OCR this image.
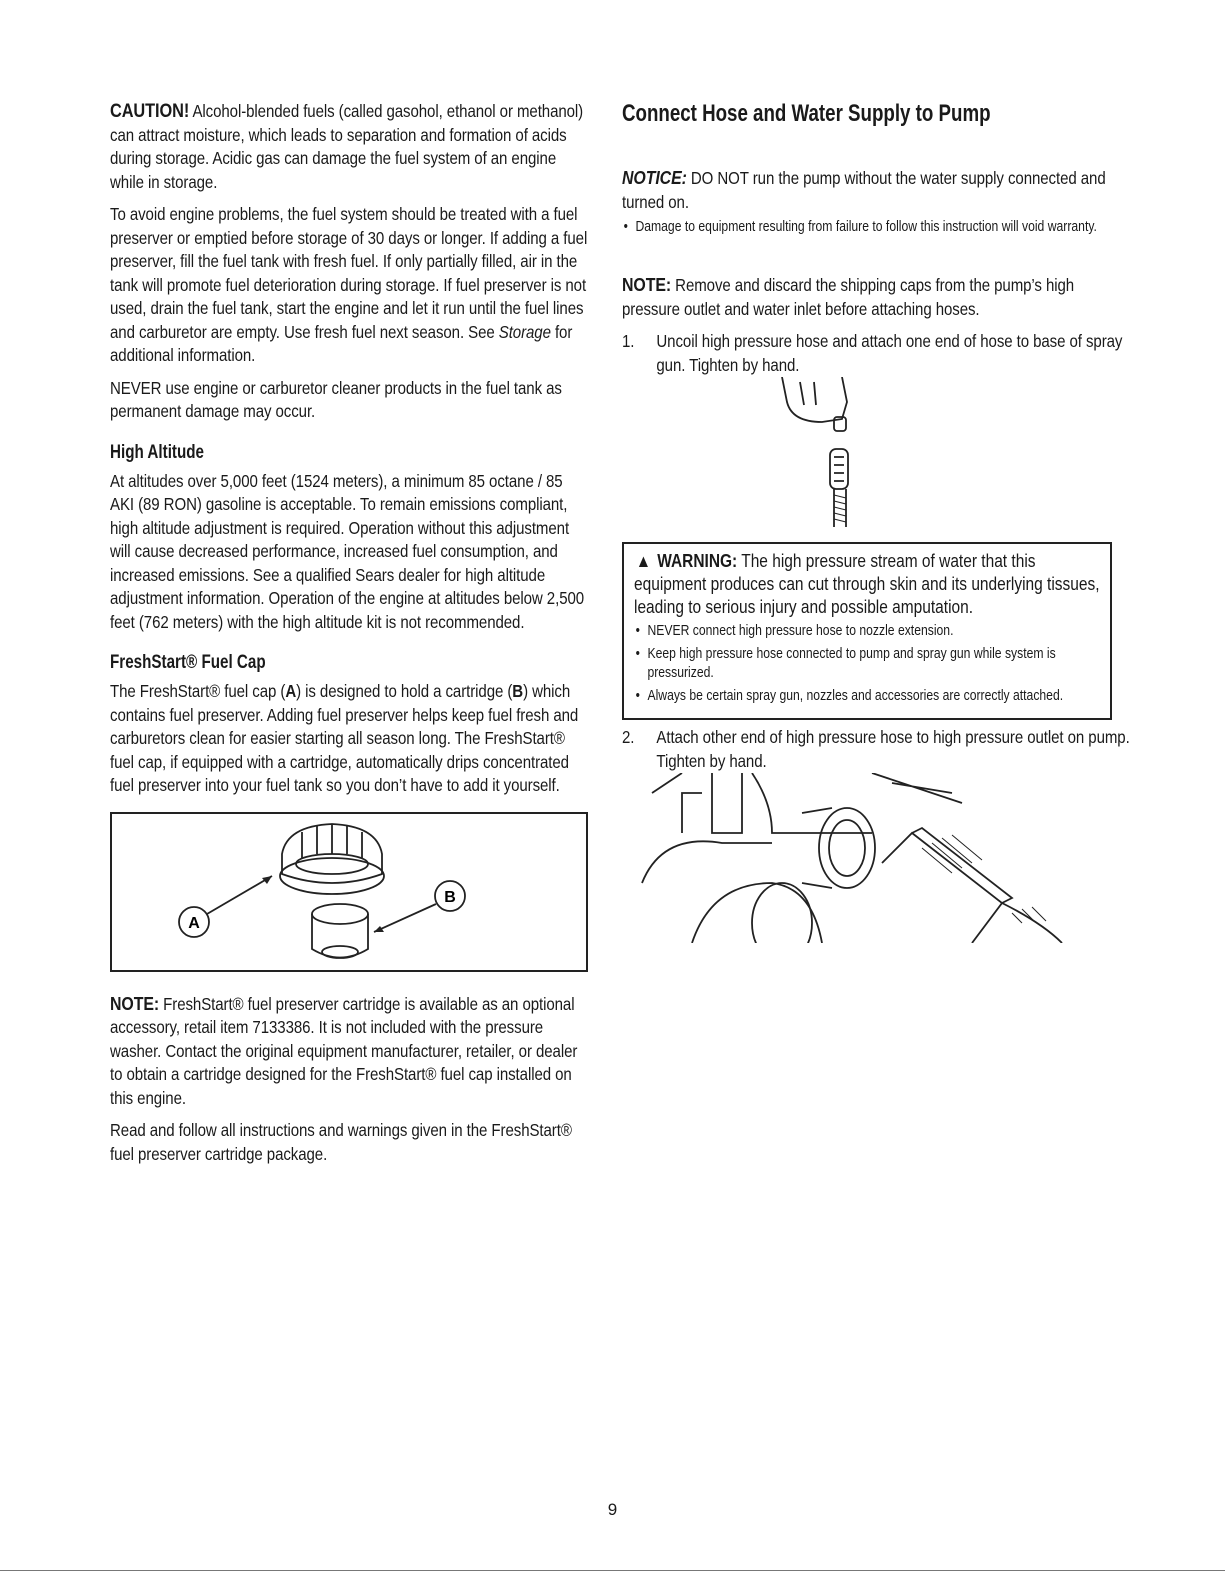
CAUTION! Alcohol-blended fuels (called gasohol, ethanol or methanol) can attract moisture, which leads to separation and formation of acids during storage. Acidic gas can damage the fuel system of an engine while in storage.

To avoid engine problems, the fuel system should be treated with a fuel preserver or emptied before storage of 30 days or longer. If adding a fuel preserver, fill the fuel tank with fresh fuel. If only partially filled, air in the tank will promote fuel deterioration during storage. If fuel preserver is not used, drain the fuel tank, start the engine and let it run until the fuel lines and carburetor are empty. Use fresh fuel next season. See Storage for additional information.

NEVER use engine or carburetor cleaner products in the fuel tank as permanent damage may occur.

High Altitude

At altitudes over 5,000 feet (1524 meters), a minimum 85 octane / 85 AKI (89 RON) gasoline is acceptable. To remain emissions compliant, high altitude adjustment is required. Operation without this adjustment will cause decreased performance, increased fuel consumption, and increased emissions. See a qualified Sears dealer for high altitude adjustment information. Operation of the engine at altitudes below 2,500 feet (762 meters) with the high altitude kit is not recommended.

FreshStart® Fuel Cap

The FreshStart® fuel cap (A) is designed to hold a cartridge (B) which contains fuel preserver. Adding fuel preserver helps keep fuel fresh and carburetors clean for easier starting all season long. The FreshStart® fuel cap, if equipped with a cartridge, automatically drips concentrated fuel preserver into your fuel tank so you don’t have to add it yourself.

A
B

NOTE: FreshStart® fuel preserver cartridge is available as an optional accessory, retail item 7133386. It is not included with the pressure washer. Contact the original equipment manufacturer, retailer, or dealer to obtain a cartridge designed for the FreshStart® fuel cap installed on this engine.

Read and follow all instructions and warnings given in the FreshStart® fuel preserver cartridge package.

Connect Hose and Water Supply to Pump

NOTICE: DO NOT run the pump without the water supply connected and turned on.

• Damage to equipment resulting from failure to follow this instruction will void warranty.

NOTE: Remove and discard the shipping caps from the pump’s high pressure outlet and water inlet before attaching hoses.

1. Uncoil high pressure hose and attach one end of hose to base of spray gun. Tighten by hand.
▲ WARNING: The high pressure stream of water that this equipment produces can cut through skin and its underlying tissues, leading to serious injury and possible amputation.
• NEVER connect high pressure hose to nozzle extension.
• Keep high pressure hose connected to pump and spray gun while system is pressurized.
• Always be certain spray gun, nozzles and accessories are correctly attached.
2. Attach other end of high pressure hose to high pressure outlet on pump. Tighten by hand.
9
